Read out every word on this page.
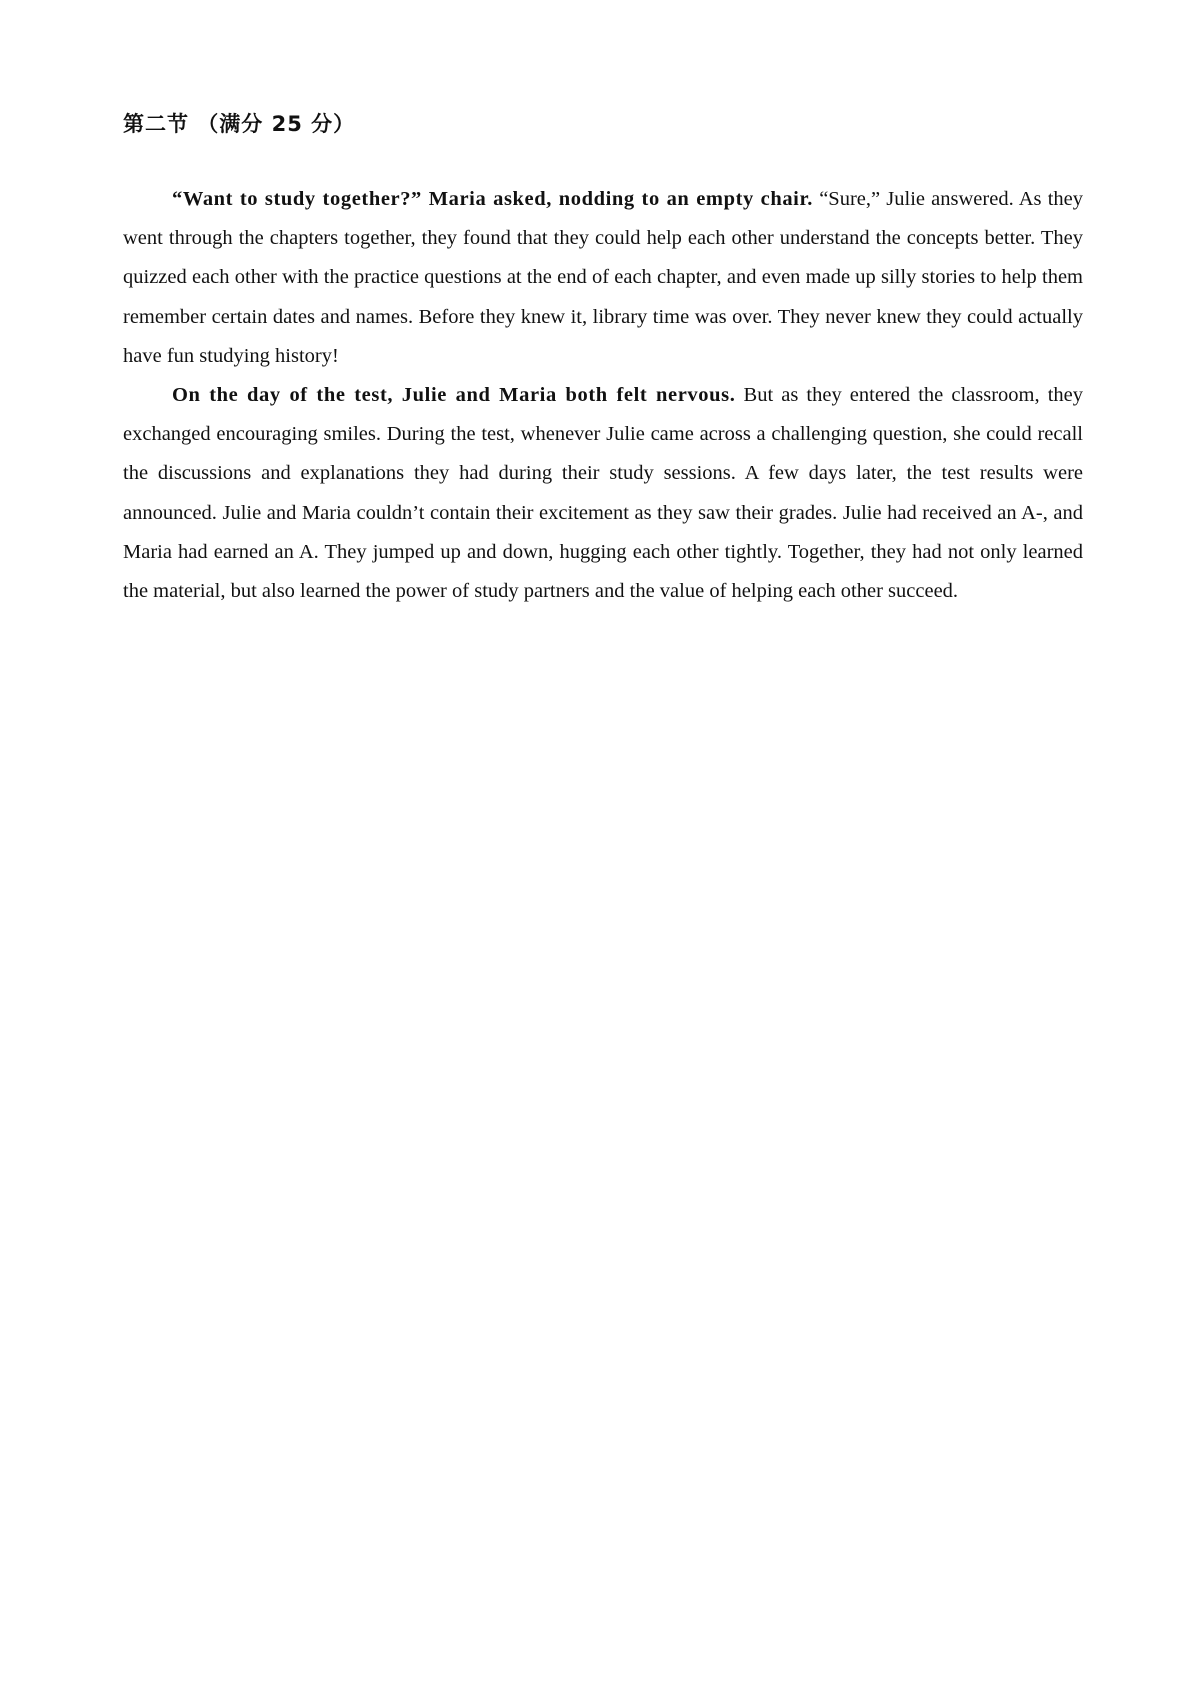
第二节 （满分 25 分）

“Want to study together?” Maria asked, nodding to an empty chair. “Sure,” Julie answered. As they went through the chapters together, they found that they could help each other understand the concepts better. They quizzed each other with the practice questions at the end of each chapter, and even made up silly stories to help them remember certain dates and names. Before they knew it, library time was over. They never knew they could actually have fun studying history!

On the day of the test, Julie and Maria both felt nervous. But as they entered the classroom, they exchanged encouraging smiles. During the test, whenever Julie came across a challenging question, she could recall the discussions and explanations they had during their study sessions. A few days later, the test results were announced. Julie and Maria couldn’t contain their excitement as they saw their grades. Julie had received an A-, and Maria had earned an A. They jumped up and down, hugging each other tightly. Together, they had not only learned the material, but also learned the power of study partners and the value of helping each other succeed.
